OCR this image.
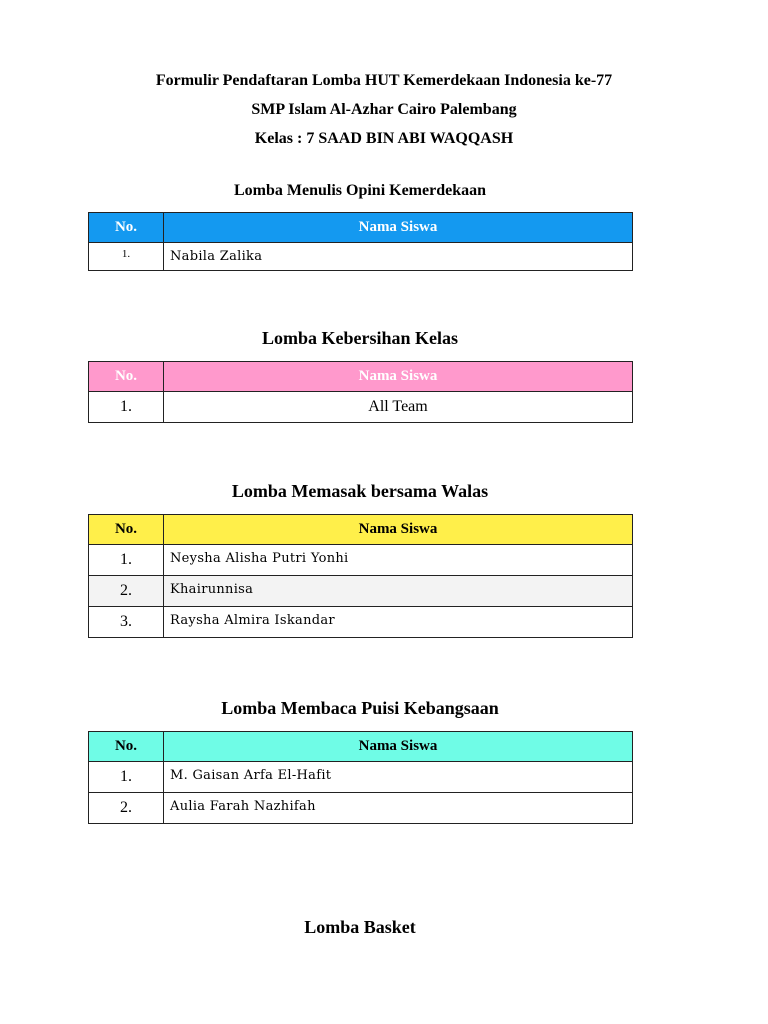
Formulir Pendaftaran Lomba HUT Kemerdekaan Indonesia ke-77
SMP Islam Al-Azhar Cairo Palembang
Kelas : 7 SAAD BIN ABI WAQQASH
Lomba Menulis Opini Kemerdekaan
No.	Nama Siswa
1.	Nabila Zalika
Lomba Kebersihan Kelas
No.	Nama Siswa
1.	All Team
Lomba Memasak bersama Walas
No.	Nama Siswa
1.	Neysha Alisha Putri Yonhi
2.	Khairunnisa
3.	Raysha Almira Iskandar
Lomba Membaca Puisi Kebangsaan
No.	Nama Siswa
1.	M. Gaisan Arfa El-Hafit
2.	Aulia Farah Nazhifah
Lomba Basket
